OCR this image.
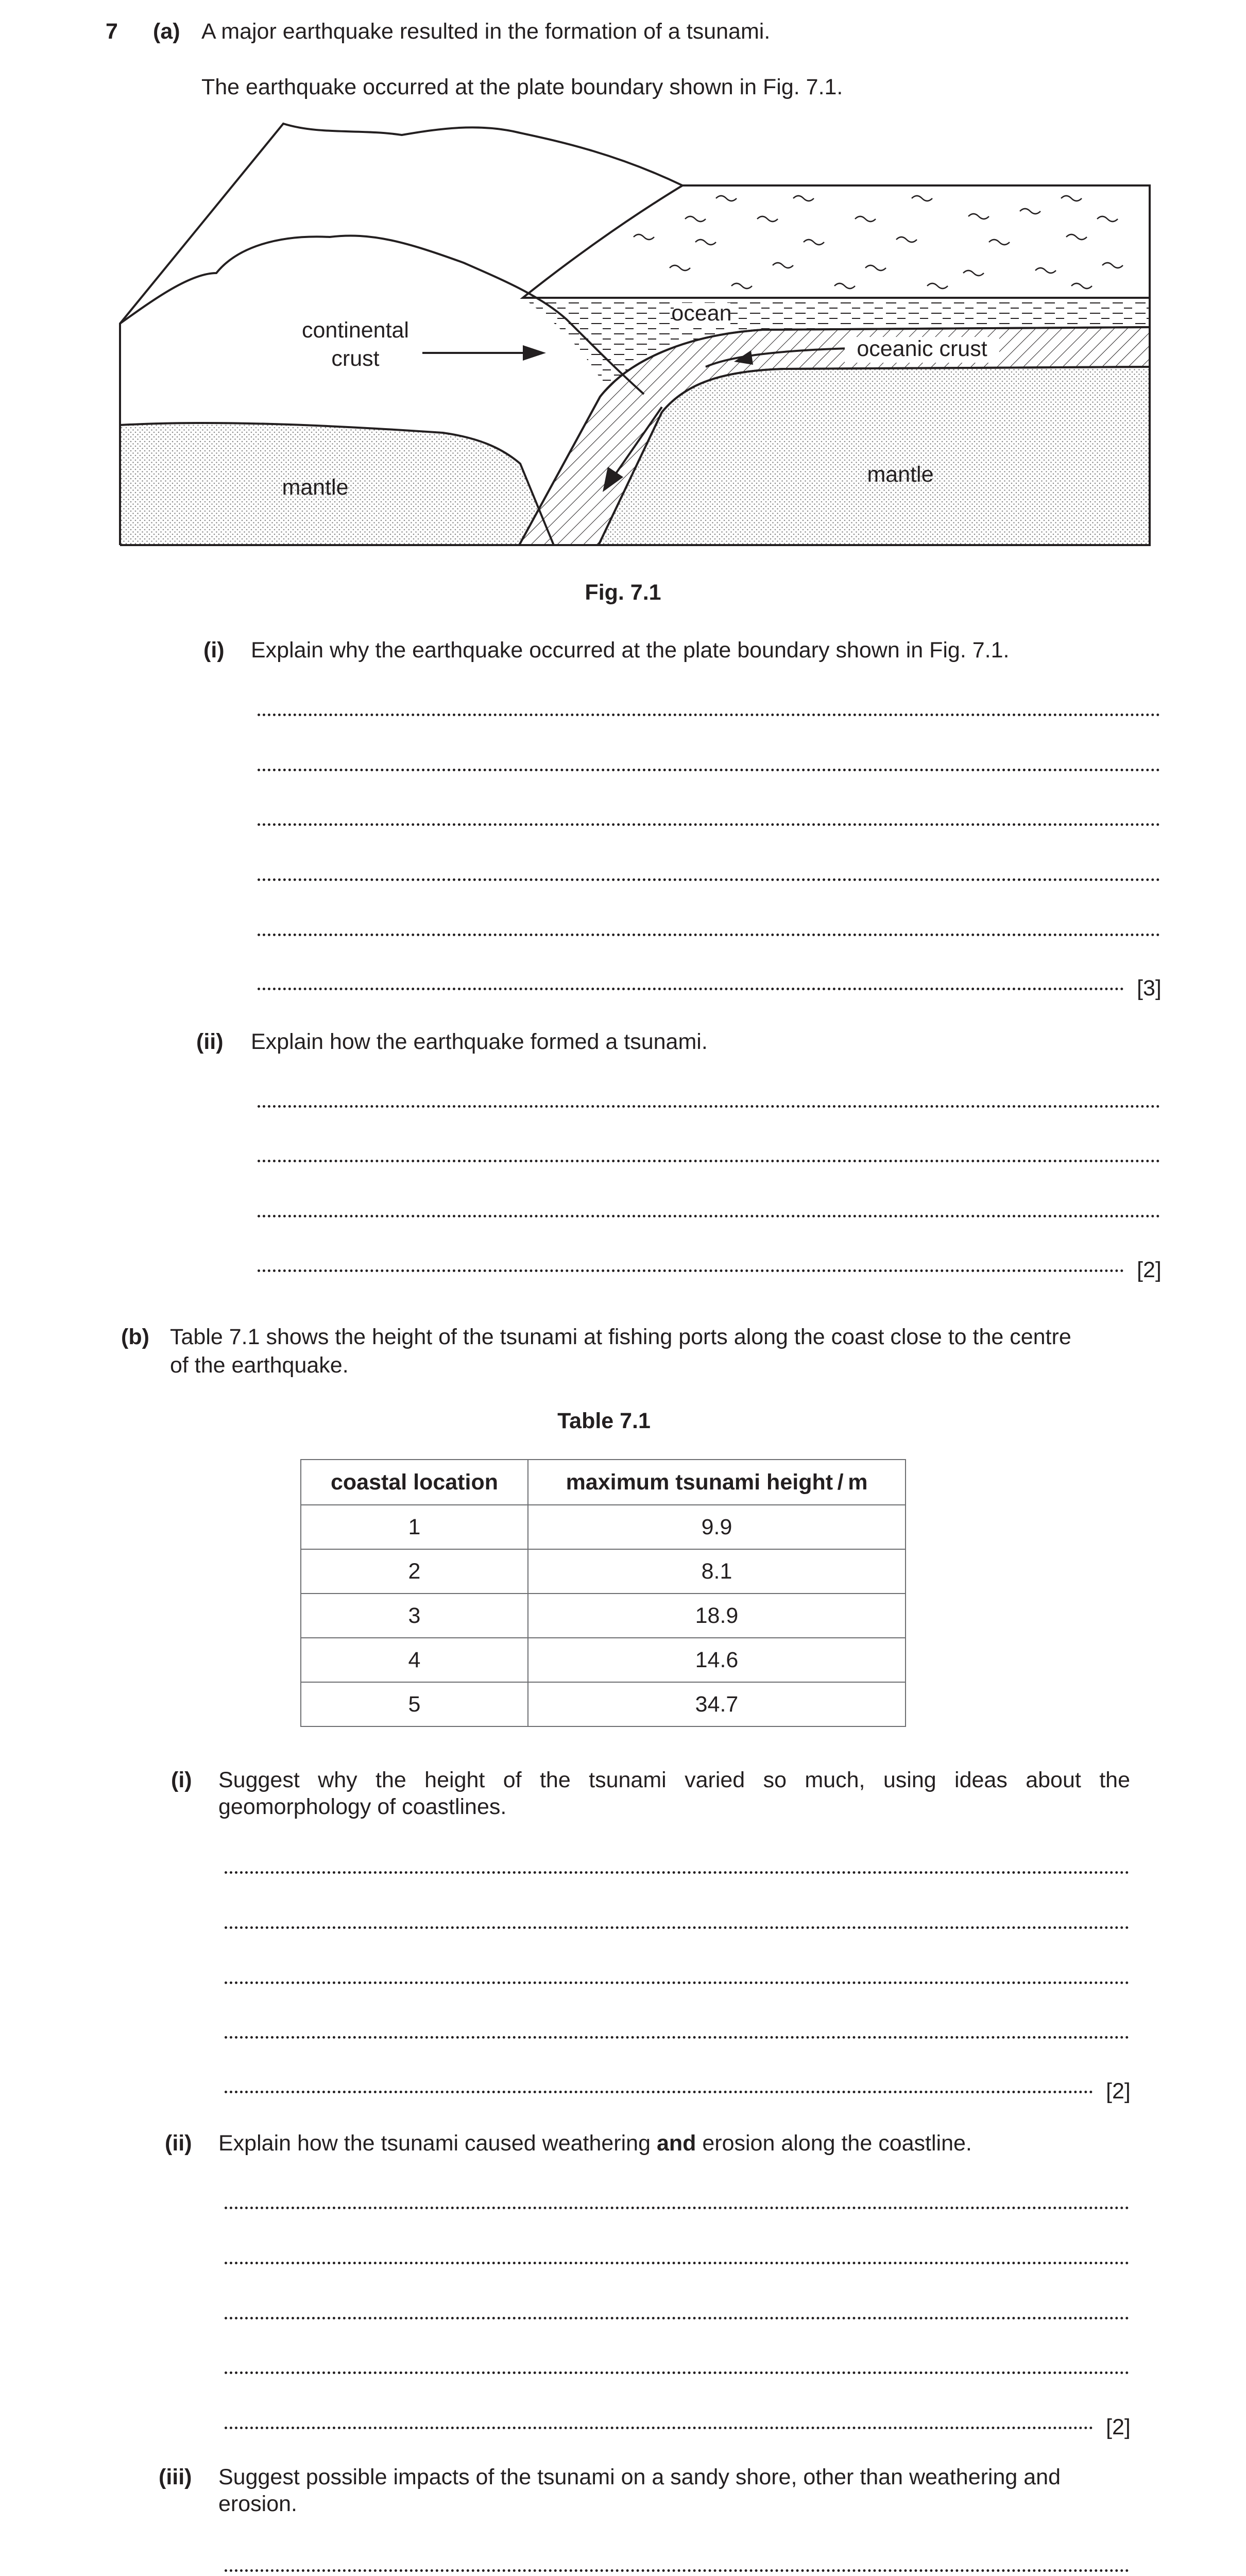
7 (a) A major earthquake resulted in the formation of a tsunami.
The earthquake occurred at the plate boundary shown in Fig. 7.1.
ocean
oceanic crust
continental
crust
mantle
mantle
Fig. 7.1
(i) Explain why the earthquake occurred at the plate boundary shown in Fig. 7.1.
[3]
(ii) Explain how the earthquake formed a tsunami.
[2]
(b) Table 7.1 shows the height of the tsunami at fishing ports along the coast close to the centre
of the earthquake.
Table 7.1
coastal location	maximum tsunami height / m
1	9.9
2	8.1
3	18.9
4	14.6
5	34.7
(i) Suggest why the height of the tsunami varied so much, using ideas about the geomorphology of coastlines.
[2]
(ii) Explain how the tsunami caused weathering and erosion along the coastline.
[2]
(iii) Suggest possible impacts of the tsunami on a sandy shore, other than weathering and erosion.
